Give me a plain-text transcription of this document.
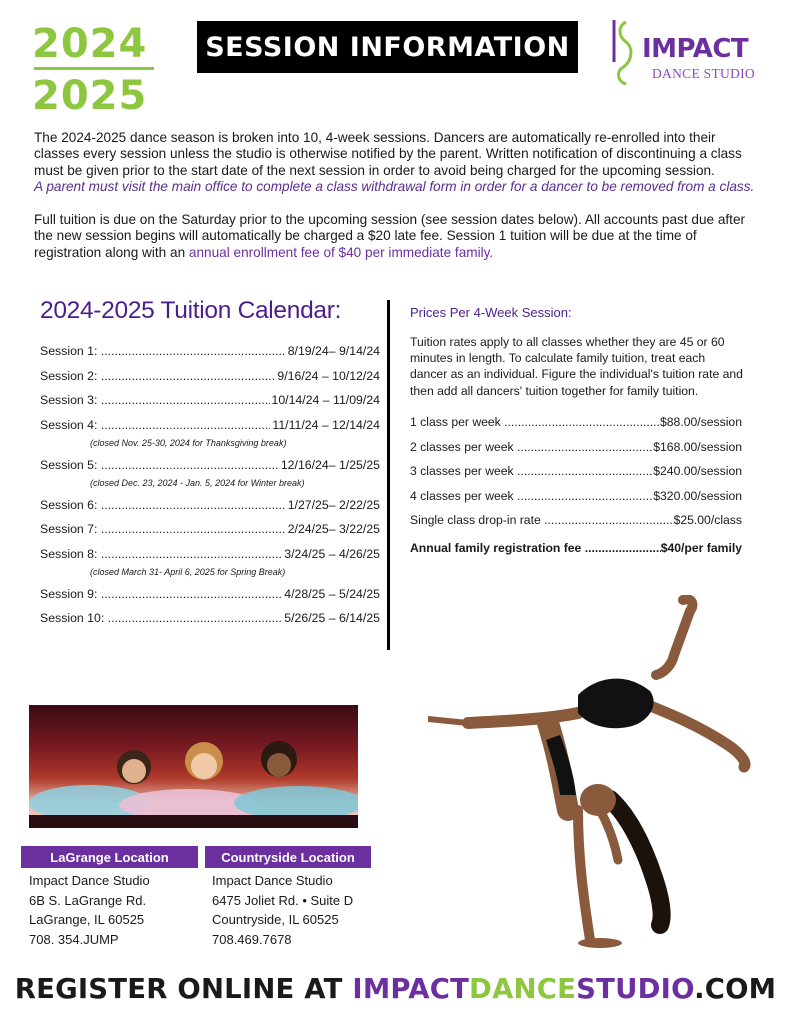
2024
2025
SESSION INFORMATION	IMPACT
DANCE STUDIO
The 2024-2025 dance season is broken into 10, 4-week sessions. Dancers are automatically re-enrolled into their classes every session unless the studio is otherwise notified by the parent. Written notification of discontinuing a class must be given prior to the start date of the next session in order to avoid being charged for the upcoming session.
A parent must visit the main office to complete a class withdrawal form in order for a dancer to be removed from a class.
Full tuition is due on the Saturday prior to the upcoming session (see session dates below). All accounts past due after the new session begins will automatically be charged a $20 late fee. Session 1 tuition will be due at the time of registration along with an annual enrollment fee of $40 per immediate family.
2024-2025 Tuition Calendar:
Session 1: .....	8/19/24– 9/14/24
Session 2: .....	9/16/24 – 10/12/24
Session 3: .....	10/14/24 – 11/09/24
Session 4: .....	11/11/24 – 12/14/24
(closed Nov. 25-30, 2024 for Thanksgiving break)
Session 5: .....	12/16/24– 1/25/25
(closed Dec. 23, 2024 - Jan. 5, 2024 for Winter break)
Session 6: .....	1/27/25– 2/22/25
Session 7: .....	2/24/25– 3/22/25
Session 8: .....	3/24/25 – 4/26/25
(closed March 31- April 6, 2025 for Spring Break)
Session 9: .....	4/28/25 – 5/24/25
Session 10: .....	5/26/25 – 6/14/25
Prices Per 4-Week Session:
Tuition rates apply to all classes whether they are 45 or 60 minutes in length. To calculate family tuition, treat each dancer as an individual. Figure the individual's tuition rate and then add all dancers' tuition together for family tuition.
1 class per week .....	$88.00/session
2 classes per week .....	$168.00/session
3 classes per week .....	$240.00/session
4 classes per week .....	$320.00/session
Single class drop-in rate .....	$25.00/class
Annual family registration fee .....	$40/per family
LaGrange Location	Countryside Location
Impact Dance Studio
6B S. LaGrange Rd.
LaGrange, IL 60525
708. 354.JUMP
Impact Dance Studio
6475 Joliet Rd. • Suite D
Countryside, IL 60525
708.469.7678
REGISTER ONLINE AT IMPACTDANCESTUDIO.COM
